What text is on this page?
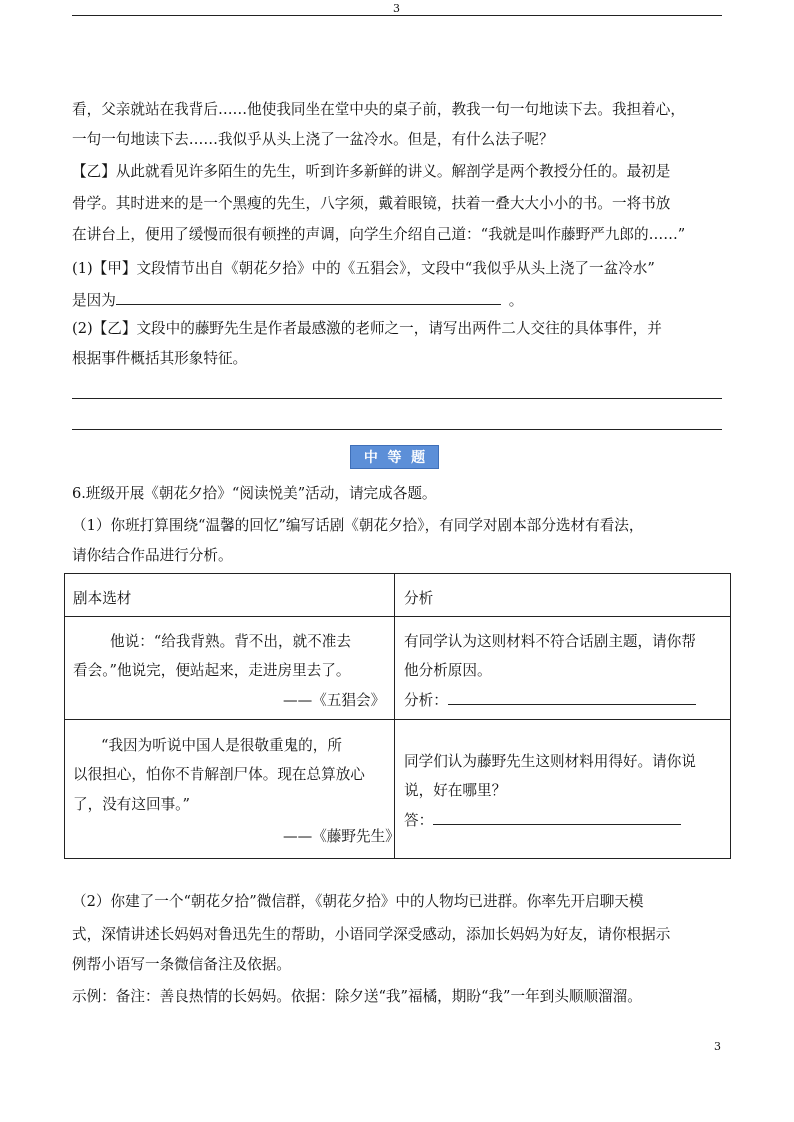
3
看，父亲就站在我背后……他使我同坐在堂中央的桌子前，教我一句一句地读下去。我担着心，
一句一句地读下去……我似乎从头上浇了一盆冷水。但是，有什么法子呢？
【乙】从此就看见许多陌生的先生，听到许多新鲜的讲义。解剖学是两个教授分任的。最初是
骨学。其时进来的是一个黑瘦的先生，八字须，戴着眼镜，扶着一叠大大小小的书。一将书放
在讲台上，便用了缓慢而很有顿挫的声调，向学生介绍自己道：“我就是叫作藤野严九郎的……”
(1)【甲】文段情节出自《朝花夕拾》中的《五猖会》，文段中“我似乎从头上浇了一盆冷水”
是因为	。
(2)【乙】文段中的藤野先生是作者最感激的老师之一，请写出两件二人交往的具体事件，并
根据事件概括其形象特征。
中 等 题
6.班级开展《朝花夕拾》“阅读悦美”活动，请完成各题。
（1）你班打算围绕“温馨的回忆”编写话剧《朝花夕拾》，有同学对剧本部分选材有看法，
请你结合作品进行分析。
剧本选材	分析

他说：“给我背熟。背不出，就不准去
看会。”他说完，便站起来，走进房里去了。
——《五猖会》	有同学认为这则材料不符合话剧主题，请你帮
他分析原因。
分析：

“我因为听说中国人是很敬重鬼的，所
以很担心，怕你不肯解剖尸体。现在总算放心
了，没有这回事。”
——《藤野先生》	同学们认为藤野先生这则材料用得好。请你说
说，好在哪里？
答：
（2）你建了一个“朝花夕拾”微信群，《朝花夕拾》中的人物均已进群。你率先开启聊天模
式，深情讲述长妈妈对鲁迅先生的帮助，小语同学深受感动，添加长妈妈为好友，请你根据示
例帮小语写一条微信备注及依据。
示例：备注：善良热情的长妈妈。依据：除夕送“我”福橘，期盼“我”一年到头顺顺溜溜。
3
